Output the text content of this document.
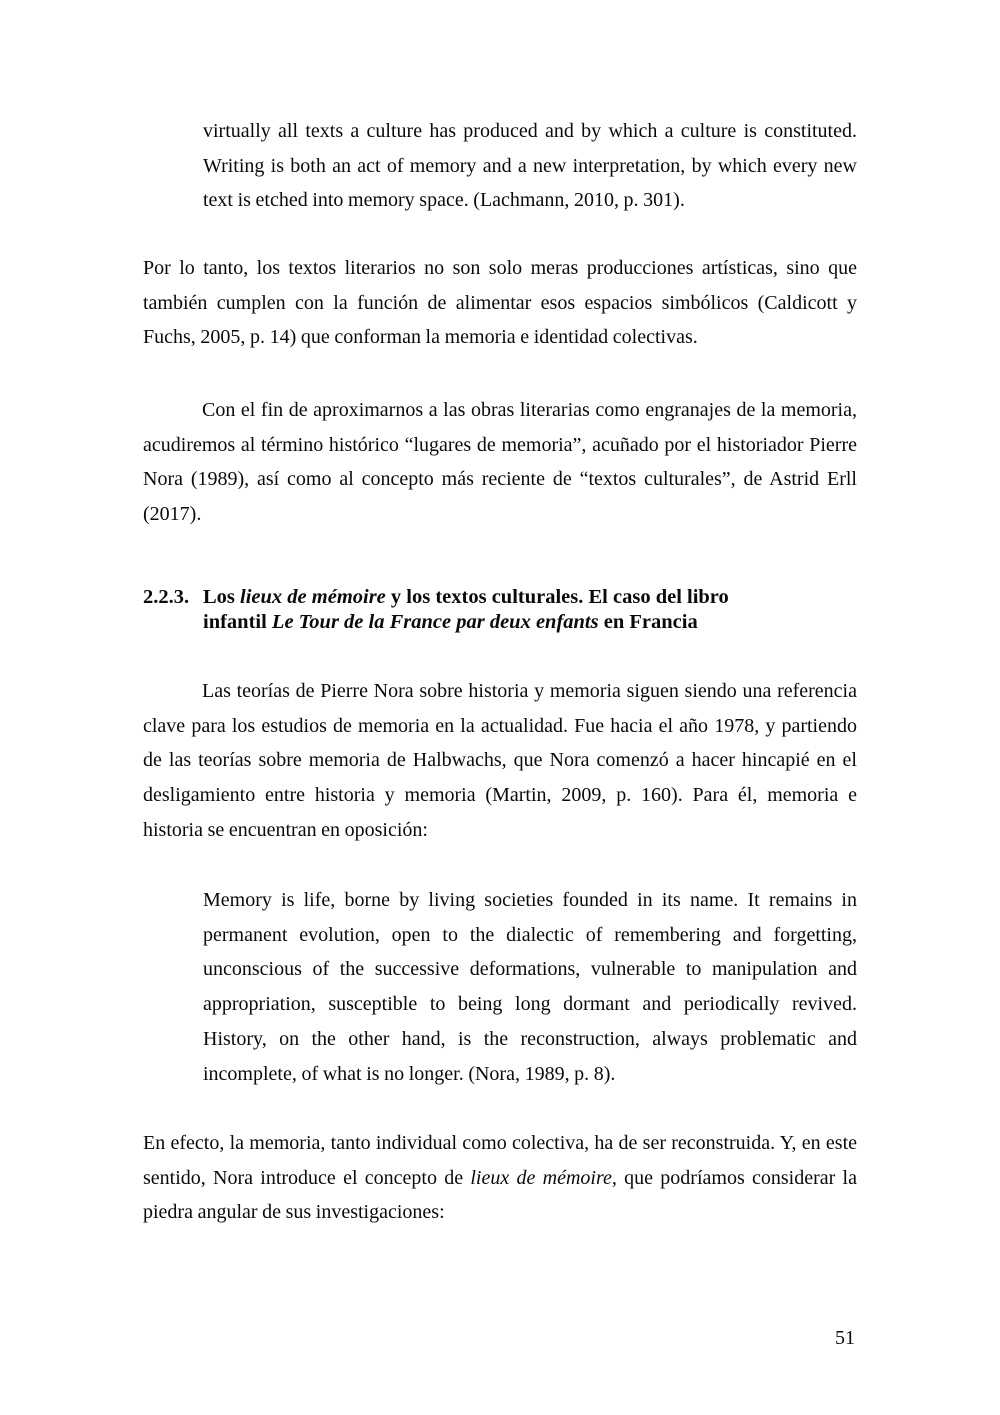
virtually all texts a culture has produced and by which a culture is constituted. Writing is both an act of memory and a new interpretation, by which every new text is etched into memory space. (Lachmann, 2010, p. 301).
Por lo tanto, los textos literarios no son solo meras producciones artísticas, sino que también cumplen con la función de alimentar esos espacios simbólicos (Caldicott y Fuchs, 2005, p. 14) que conforman la memoria e identidad colectivas.
Con el fin de aproximarnos a las obras literarias como engranajes de la memoria, acudiremos al término histórico “lugares de memoria”, acuñado por el historiador Pierre Nora (1989), así como al concepto más reciente de “textos culturales”, de Astrid Erll (2017).
2.2.3. Los lieux de mémoire y los textos culturales. El caso del libro
infantil Le Tour de la France par deux enfants en Francia
Las teorías de Pierre Nora sobre historia y memoria siguen siendo una referencia clave para los estudios de memoria en la actualidad. Fue hacia el año 1978, y partiendo de las teorías sobre memoria de Halbwachs, que Nora comenzó a hacer hincapié en el desligamiento entre historia y memoria (Martin, 2009, p. 160). Para él, memoria e historia se encuentran en oposición:
Memory is life, borne by living societies founded in its name. It remains in permanent evolution, open to the dialectic of remembering and forgetting, unconscious of the successive deformations, vulnerable to manipulation and appropriation, susceptible to being long dormant and periodically revived. History, on the other hand, is the reconstruction, always problematic and incomplete, of what is no longer. (Nora, 1989, p. 8).
En efecto, la memoria, tanto individual como colectiva, ha de ser reconstruida. Y, en este sentido, Nora introduce el concepto de lieux de mémoire, que podríamos considerar la piedra angular de sus investigaciones:
51
